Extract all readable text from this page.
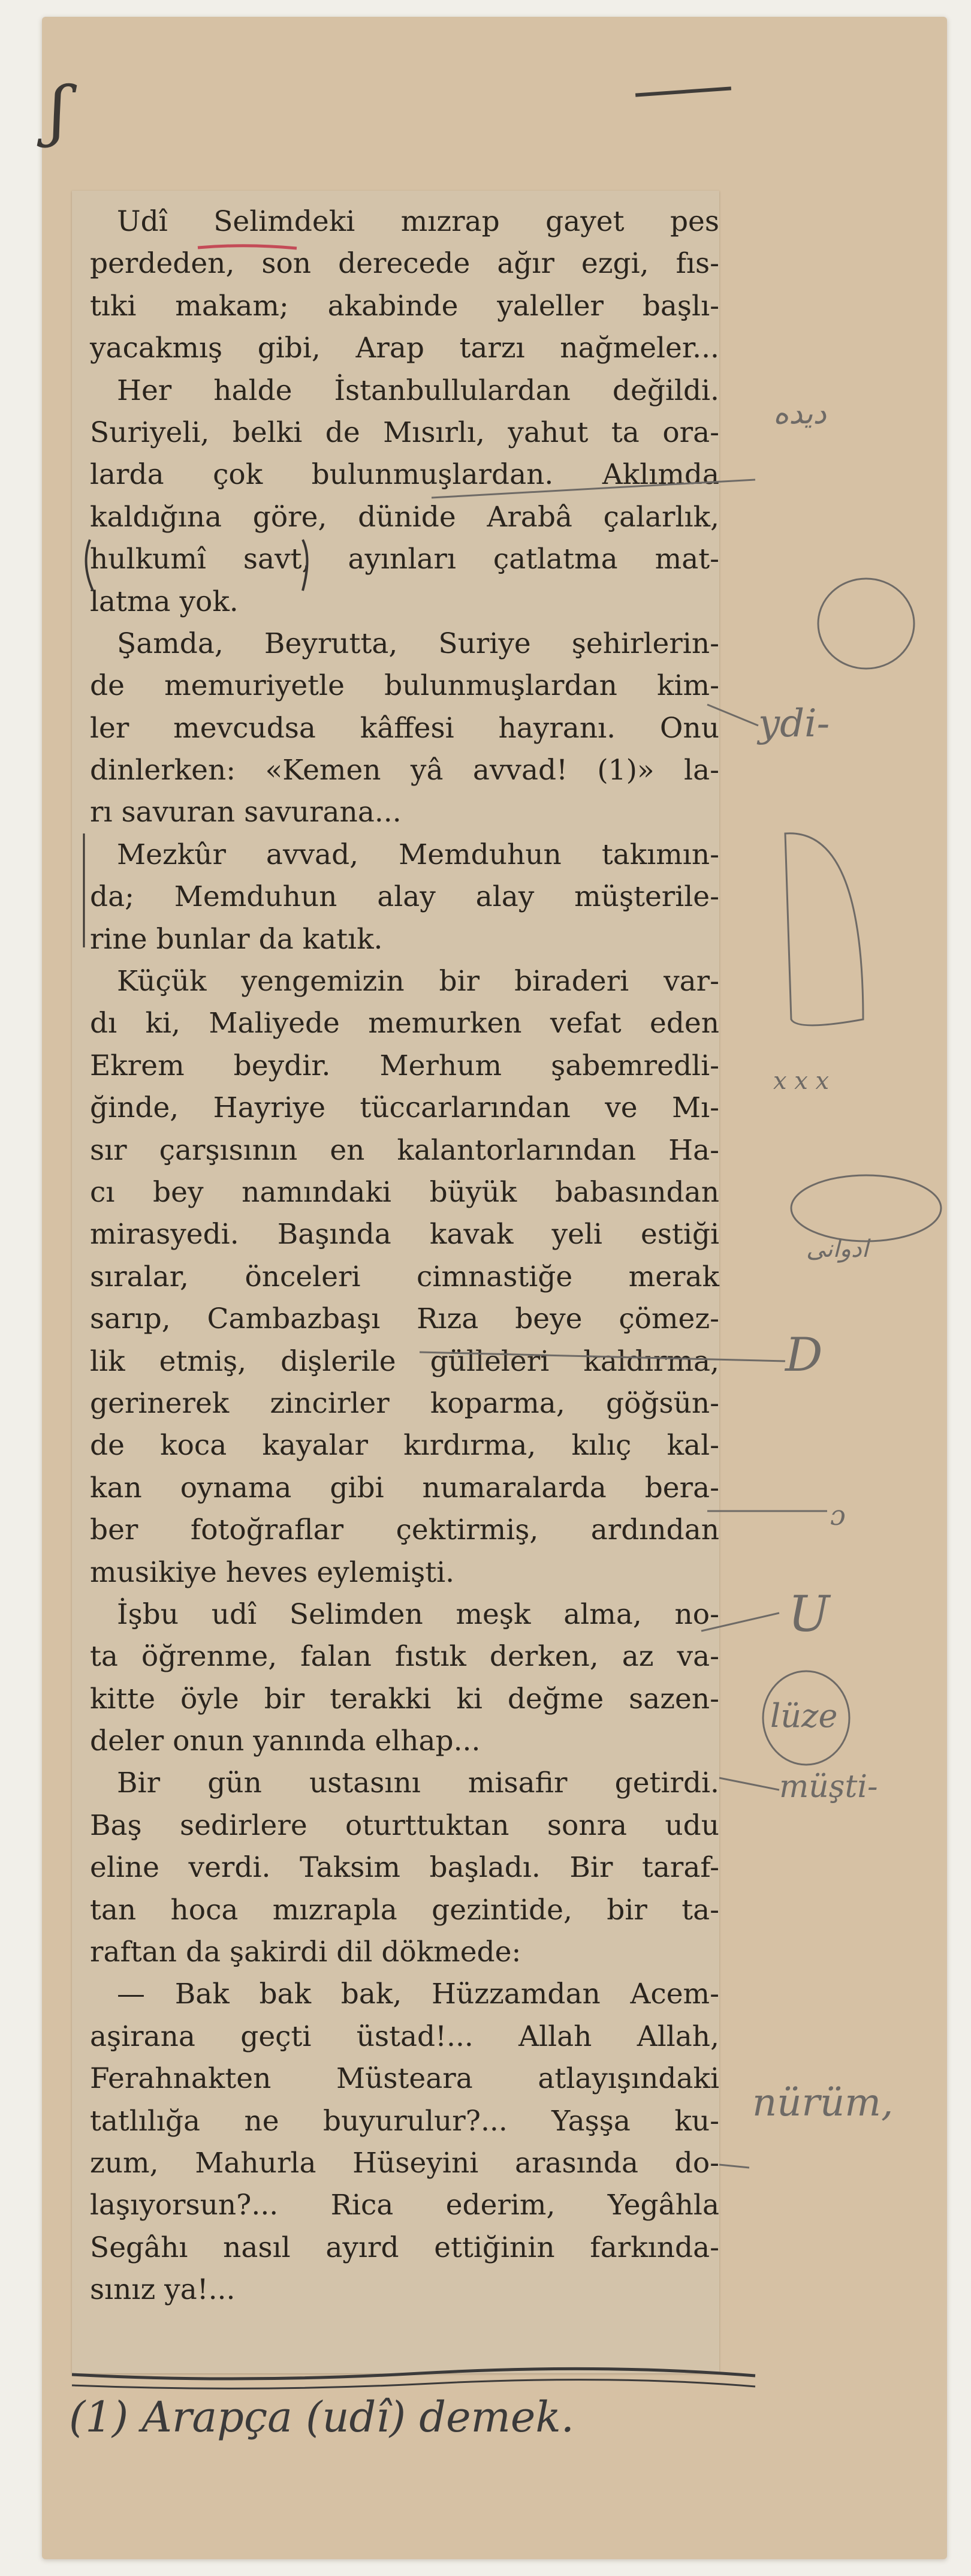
ʃ
Udî Selimdeki mızrap gayet pes
perdeden, son derecede ağır ezgi, fıs-
tıki makam; akabinde yaleller başlı-
yacakmış gibi, Arap tarzı nağmeler...
Her halde İstanbullulardan değildi.
Suriyeli, belki de Mısırlı, yahut ta ora-
larda çok bulunmuşlardan. Aklımda
kaldığına göre, dünide Arabâ çalarlık,
hulkumî savt, ayınları çatlatma mat-
latma yok.
Şamda, Beyrutta, Suriye şehirlerin-
de memuriyetle bulunmuşlardan kim-
ler mevcudsa kâffesi hayranı. Onu
dinlerken: «Kemen yâ avvad! (1)» la-
rı savuran savurana...
Mezkûr avvad, Memduhun takımın-
da; Memduhun alay alay müşterile-
rine bunlar da katık.
Küçük yengemizin bir biraderi var-
dı ki, Maliyede memurken vefat eden
Ekrem beydir. Merhum şabemredli-
ğinde, Hayriye tüccarlarından ve Mı-
sır çarşısının en kalantorlarından Ha-
cı bey namındaki büyük babasından
mirasyedi. Başında kavak yeli estiği
sıralar, önceleri cimnastiğe merak
sarıp, Cambazbaşı Rıza beye çömez-
lik etmiş, dişlerile gülleleri kaldırma,
gerinerek zincirler koparma, göğsün-
de koca kayalar kırdırma, kılıç kal-
kan oynama gibi numaralarda bera-
ber fotoğraflar çektirmiş, ardından
musikiye heves eylemişti.
İşbu udî Selimden meşk alma, no-
ta öğrenme, falan fıstık derken, az va-
kitte öyle bir terakki ki değme sazen-
deler onun yanında elhap...
Bir gün ustasını misafir getirdi.
Baş sedirlere oturttuktan sonra udu
eline verdi. Taksim başladı. Bir taraf-
tan hoca mızrapla gezintide, bir ta-
raftan da şakirdi dil dökmede:
— Bak bak bak, Hüzzamdan Acem-
aşirana geçti üstad!... Allah Allah,
Ferahnakten Müsteara atlayışındaki
tatlılığa ne buyurulur?... Yaşşa ku-
zum, Mahurla Hüseyini arasında do-
laşıyorsun?... Rica ederim, Yegâhla
Segâhı nasıl ayırd ettiğinin farkında-
sınız ya!...
ديده
ydi-
x x x
ادوانی
D
ɔ
U
lüze
müşti-
nürüm,
(1) Arapça (udî) demek.
